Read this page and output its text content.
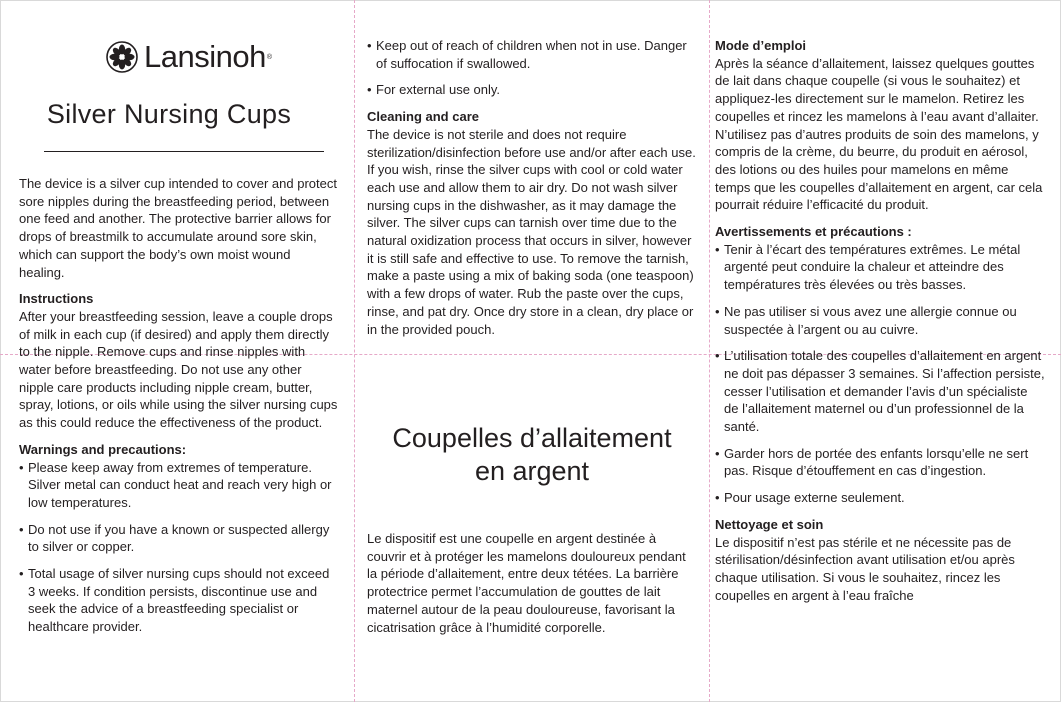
Lansinoh ®
Silver Nursing Cups

The device is a silver cup intended to cover and protect sore nipples during the breastfeeding period, between one feed and another. The protective barrier allows for drops of breastmilk to accumulate around sore skin, which can support the body’s own moist wound healing.

Instructions

After your breastfeeding session, leave a couple drops of milk in each cup (if desired) and apply them directly to the nipple. Remove cups and rinse nipples with water before breastfeeding. Do not use any other nipple care products including nipple cream, butter, spray, lotions, or oils while using the silver nursing cups as this could reduce the effectiveness of the product.

Warnings and precautions:
• Please keep away from extremes of temperature. Silver metal can conduct heat and reach very high or low temperatures.
• Do not use if you have a known or suspected allergy to silver or copper.
• Total usage of silver nursing cups should not exceed 3 weeks. If condition persists, discontinue use and seek the advice of a breastfeeding specialist or healthcare provider.
• Keep out of reach of children when not in use. Danger of suffocation if swallowed.
• For external use only.
Cleaning and care

The device is not sterile and does not require sterilization/disinfection before use and/or after each use. If you wish, rinse the silver cups with cool or cold water each use and allow them to air dry. Do not wash silver nursing cups in the dishwasher, as it may damage the silver. The silver cups can tarnish over time due to the natural oxidization process that occurs in silver, however it is still safe and effective to use. To remove the tarnish, make a paste using a mix of baking soda (one teaspoon) with a few drops of water. Rub the paste over the cups, rinse, and pat dry. Once dry store in a clean, dry place or in the provided pouch.

Coupelles d’allaitement
en argent

Le dispositif est une coupelle en argent destinée à couvrir et à protéger les mamelons douloureux pendant la période d’allaitement, entre deux tétées. La barrière protectrice permet l’accumulation de gouttes de lait maternel autour de la peau douloureuse, favorisant la cicatrisation grâce à l’humidité corporelle.

Mode d’emploi

Après la séance d’allaitement, laissez quelques gouttes de lait dans chaque coupelle (si vous le souhaitez) et appliquez-les directement sur le mamelon. Retirez les coupelles et rincez les mamelons à l’eau avant d’allaiter. N’utilisez pas d’autres produits de soin des mamelons, y compris de la crème, du beurre, du produit en aérosol, des lotions ou des huiles pour mamelons en même temps que les coupelles d’allaitement en argent, car cela pourrait réduire l’efficacité du produit.

Avertissements et précautions :
• Tenir à l’écart des températures extrêmes. Le métal argenté peut conduire la chaleur et atteindre des températures très élevées ou très basses.
• Ne pas utiliser si vous avez une allergie connue ou suspectée à l’argent ou au cuivre.
• L’utilisation totale des coupelles d’allaitement en argent ne doit pas dépasser 3 semaines. Si l’affection persiste, cesser l’utilisation et demander l’avis d’un spécialiste de l’allaitement maternel ou d’un professionnel de la santé.
• Garder hors de portée des enfants lorsqu’elle ne sert pas. Risque d’étouffement en cas d’ingestion.
• Pour usage externe seulement.
Nettoyage et soin

Le dispositif n’est pas stérile et ne nécessite pas de stérilisation/désinfection avant utilisation et/ou après chaque utilisation. Si vous le souhaitez, rincez les coupelles en argent à l’eau fraîche
